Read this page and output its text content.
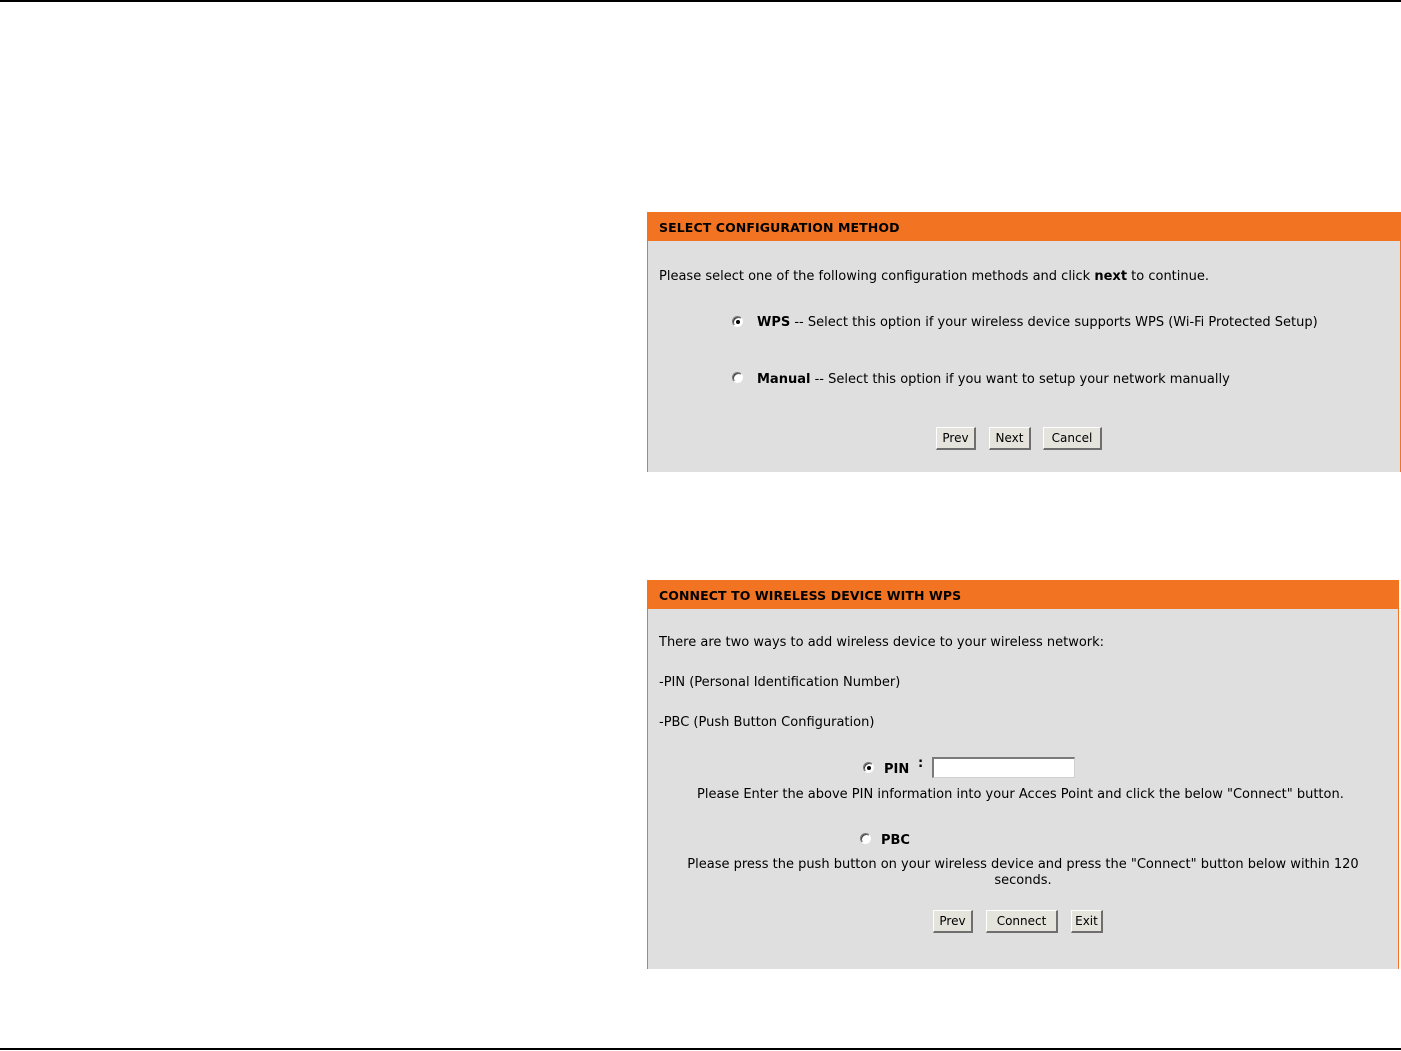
SELECT CONFIGURATION METHOD
Please select one of the following configuration methods and click next to continue.
WPS -- Select this option if your wireless device supports WPS (Wi-Fi Protected Setup)
Manual -- Select this option if you want to setup your network manually
Prev	Next	Cancel
CONNECT TO WIRELESS DEVICE WITH WPS
There are two ways to add wireless device to your wireless network:
-PIN (Personal Identification Number)
-PBC (Push Button Configuration)
PIN :
Please Enter the above PIN information into your Acces Point and click the below "Connect" button.
PBC
Please press the push button on your wireless device and press the "Connect" button below within 120 seconds.
Prev	Connect	Exit
